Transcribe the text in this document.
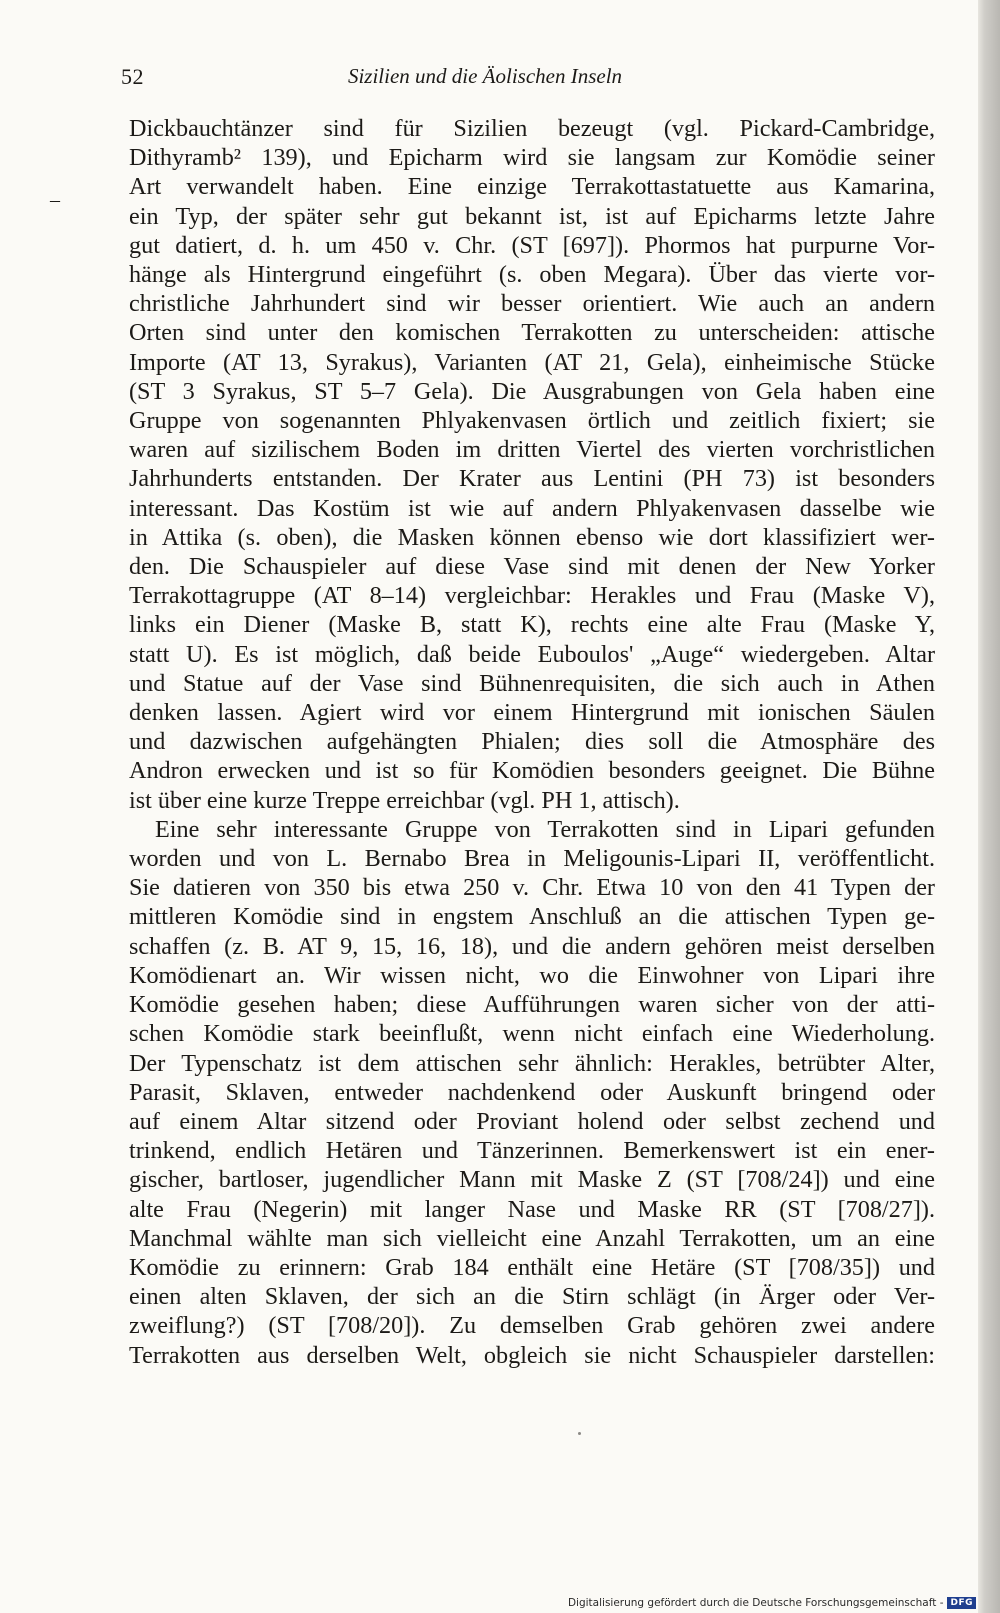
–
52	Sizilien und die Äolischen Inseln
Dickbauchtänzer sind für Sizilien bezeugt (vgl. Pickard-Cambridge,
Dithyramb² 139), und Epicharm wird sie langsam zur Komödie seiner
Art verwandelt haben. Eine einzige Terrakottastatuette aus Kamarina,
ein Typ, der später sehr gut bekannt ist, ist auf Epicharms letzte Jahre
gut datiert, d. h. um 450 v. Chr. (ST [697]). Phormos hat purpurne Vor-
hänge als Hintergrund eingeführt (s. oben Megara). Über das vierte vor-
christliche Jahrhundert sind wir besser orientiert. Wie auch an andern
Orten sind unter den komischen Terrakotten zu unterscheiden: attische
Importe (AT 13, Syrakus), Varianten (AT 21, Gela), einheimische Stücke
(ST 3 Syrakus, ST 5–7 Gela). Die Ausgrabungen von Gela haben eine
Gruppe von sogenannten Phlyakenvasen örtlich und zeitlich fixiert; sie
waren auf sizilischem Boden im dritten Viertel des vierten vorchristlichen
Jahrhunderts entstanden. Der Krater aus Lentini (PH 73) ist besonders
interessant. Das Kostüm ist wie auf andern Phlyakenvasen dasselbe wie
in Attika (s. oben), die Masken können ebenso wie dort klassifiziert wer-
den. Die Schauspieler auf diese Vase sind mit denen der New Yorker
Terrakottagruppe (AT 8–14) vergleichbar: Herakles und Frau (Maske V),
links ein Diener (Maske B, statt K), rechts eine alte Frau (Maske Y,
statt U). Es ist möglich, daß beide Euboulos' „Auge“ wiedergeben. Altar
und Statue auf der Vase sind Bühnenrequisiten, die sich auch in Athen
denken lassen. Agiert wird vor einem Hintergrund mit ionischen Säulen
und dazwischen aufgehängten Phialen; dies soll die Atmosphäre des
Andron erwecken und ist so für Komödien besonders geeignet. Die Bühne
ist über eine kurze Treppe erreichbar (vgl. PH 1, attisch).
Eine sehr interessante Gruppe von Terrakotten sind in Lipari gefunden
worden und von L. Bernabo Brea in Meligounis-Lipari II, veröffentlicht.
Sie datieren von 350 bis etwa 250 v. Chr. Etwa 10 von den 41 Typen der
mittleren Komödie sind in engstem Anschluß an die attischen Typen ge-
schaffen (z. B. AT 9, 15, 16, 18), und die andern gehören meist derselben
Komödienart an. Wir wissen nicht, wo die Einwohner von Lipari ihre
Komödie gesehen haben; diese Aufführungen waren sicher von der atti-
schen Komödie stark beeinflußt, wenn nicht einfach eine Wiederholung.
Der Typenschatz ist dem attischen sehr ähnlich: Herakles, betrübter Alter,
Parasit, Sklaven, entweder nachdenkend oder Auskunft bringend oder
auf einem Altar sitzend oder Proviant holend oder selbst zechend und
trinkend, endlich Hetären und Tänzerinnen. Bemerkenswert ist ein ener-
gischer, bartloser, jugendlicher Mann mit Maske Z (ST [708/24]) und eine
alte Frau (Negerin) mit langer Nase und Maske RR (ST [708/27]).
Manchmal wählte man sich vielleicht eine Anzahl Terrakotten, um an eine
Komödie zu erinnern: Grab 184 enthält eine Hetäre (ST [708/35]) und
einen alten Sklaven, der sich an die Stirn schlägt (in Ärger oder Ver-
zweiflung?) (ST [708/20]). Zu demselben Grab gehören zwei andere
Terrakotten aus derselben Welt, obgleich sie nicht Schauspieler darstellen:
Digitalisierung gefördert durch die Deutsche Forschungsgemeinschaft - DFG
